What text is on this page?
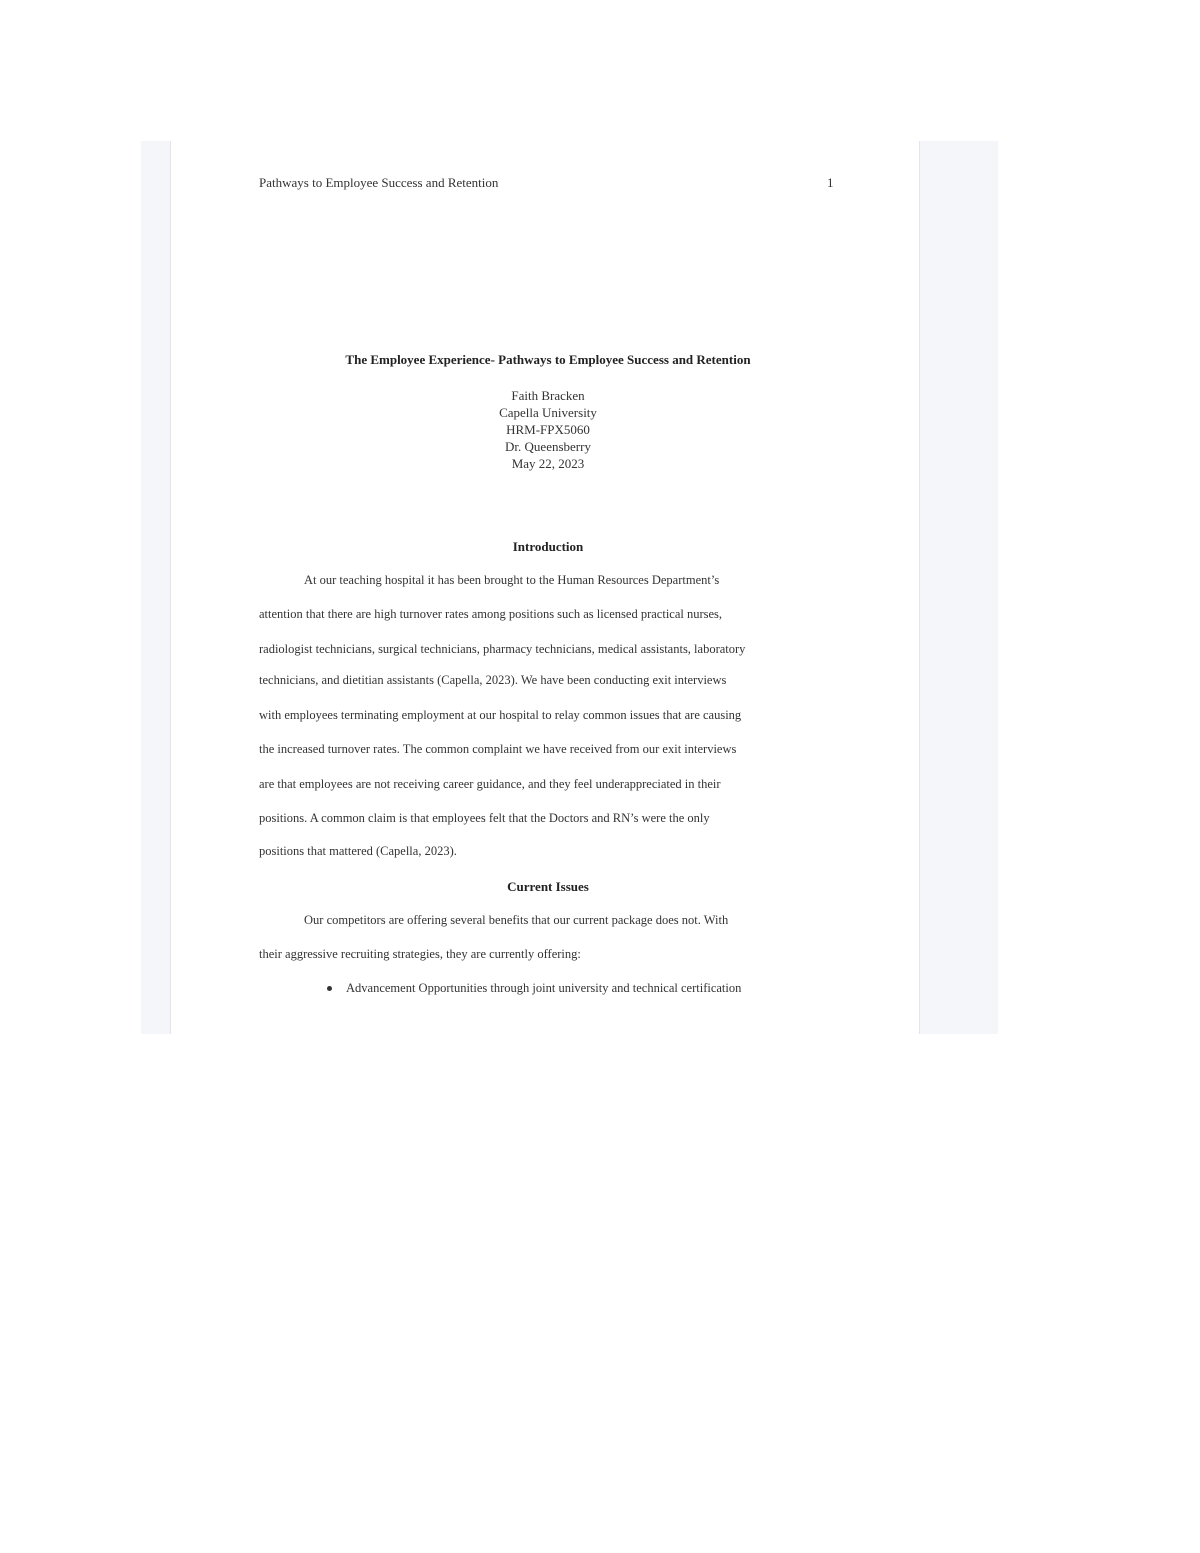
Pathways to Employee Success and Retention	1
The Employee Experience- Pathways to Employee Success and Retention
Faith Bracken
Capella University
HRM-FPX5060
Dr. Queensberry
May 22, 2023
Introduction
At our teaching hospital it has been brought to the Human Resources Department’s
attention that there are high turnover rates among positions such as licensed practical nurses,
radiologist technicians, surgical technicians, pharmacy technicians, medical assistants, laboratory
technicians, and dietitian assistants (Capella, 2023). We have been conducting exit interviews
with employees terminating employment at our hospital to relay common issues that are causing
the increased turnover rates. The common complaint we have received from our exit interviews
are that employees are not receiving career guidance, and they feel underappreciated in their
positions. A common claim is that employees felt that the Doctors and RN’s were the only
positions that mattered (Capella, 2023).
Current Issues
Our competitors are offering several benefits that our current package does not. With
their aggressive recruiting strategies, they are currently offering:
Advancement Opportunities through joint university and technical certification
